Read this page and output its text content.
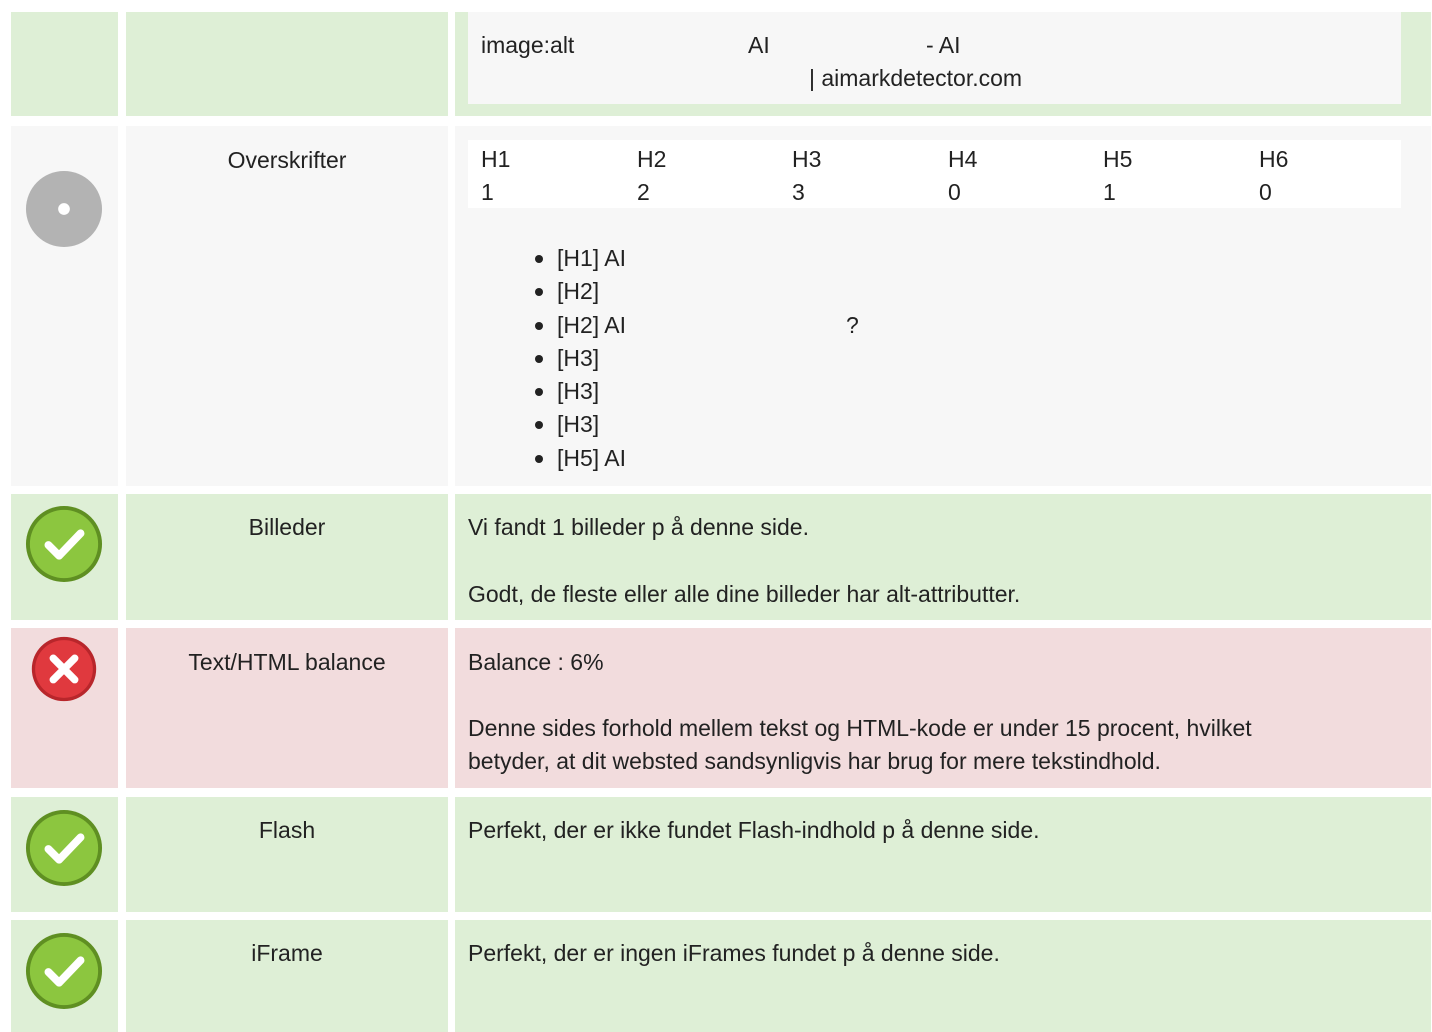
image:alt	AI	- AI
| aimarkdetector.com
Overskrifter	H1	H2	H3	H4	H5	H6
1	2	3	0	1	0
[H1] AI
[H2]
[H2] AI	?
[H3]
[H3]
[H3]
[H5] AI
Billeder	Vi fandt 1 billeder p å denne side.
Godt, de fleste eller alle dine billeder har alt-attributter.
Text/HTML balance	Balance : 6%
Denne sides forhold mellem tekst og HTML-kode er under 15 procent, hvilket
betyder, at dit websted sandsynligvis har brug for mere tekstindhold.
Flash	Perfekt, der er ikke fundet Flash-indhold p å denne side.
iFrame	Perfekt, der er ingen iFrames fundet p å denne side.
